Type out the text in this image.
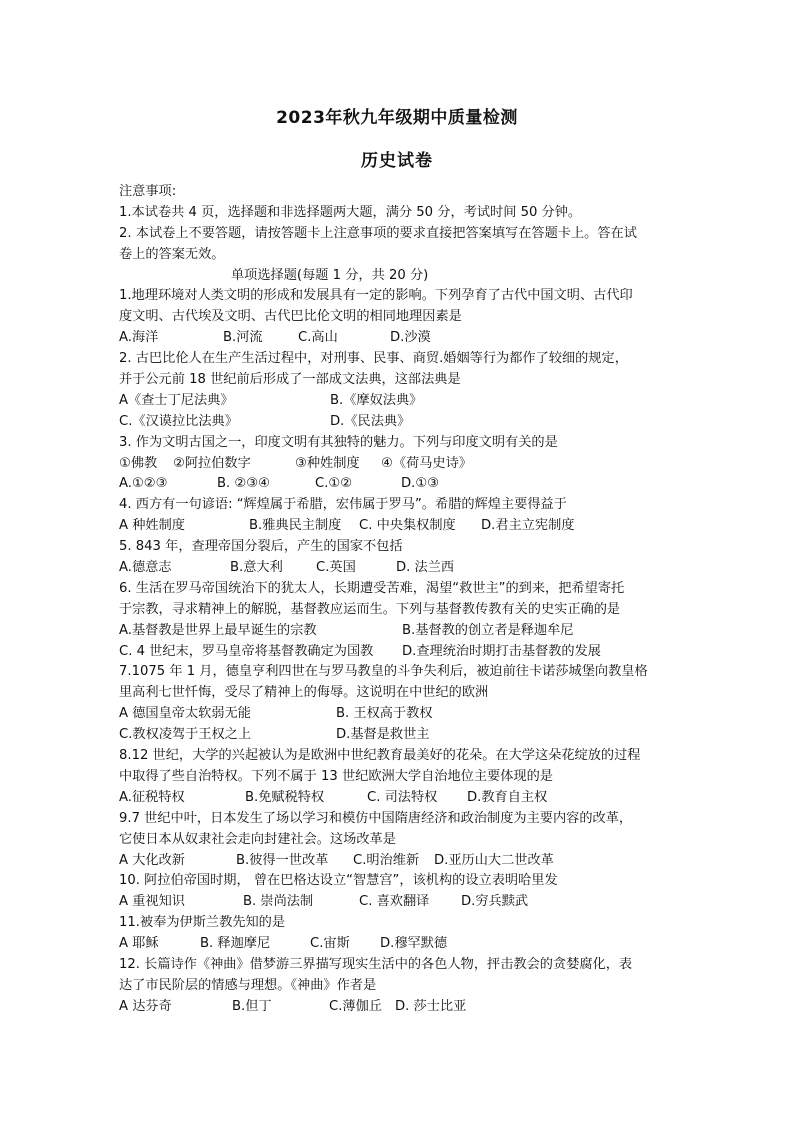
2023年秋九年级期中质量检测
历史试卷
注意事项:
1.本试卷共 4 页，选择题和非选择题两大题，满分 50 分，考试时间 50 分钟。
2. 本试卷上不要答题，请按答题卡上注意事项的要求直接把答案填写在答题卡上。答在试
卷上的答案无效。
单项选择题(每题 1 分，共 20 分)
1.地理环境对人类文明的形成和发展具有一定的影响。下列孕育了古代中国文明、古代印
度文明、古代埃及文明、古代巴比伦文明的相同地理因素是
A.海洋	B.河流	C.高山	D.沙漠
2. 古巴比伦人在生产生活过程中，对刑事、民事、商贸.婚姻等行为都作了较细的规定，
并于公元前 18 世纪前后形成了一部成文法典，这部法典是
A《查士丁尼法典》	B.《摩奴法典》
C.《汉谟拉比法典》	D.《民法典》
3. 作为文明古国之一，印度文明有其独特的魅力。下列与印度文明有关的是
①佛教	②阿拉伯数字	③种姓制度	④《荷马史诗》
A.①②③	B. ②③④	C.①②	D.①③
4. 西方有一句谚语: “辉煌属于希腊，宏伟属于罗马”。希腊的辉煌主要得益于
A 种姓制度	B.雅典民主制度	C. 中央集权制度	D.君主立宪制度
5. 843 年，查理帝国分裂后，产生的国家不包括
A.德意志	B.意大利	C.英国	D. 法兰西
6. 生活在罗马帝国统治下的犹太人，长期遭受苦难，渴望“救世主”的到来，把希望寄托
于宗教，寻求精神上的解脱，基督教应运而生。下列与基督教传教有关的史实正确的是
A.基督教是世界上最早诞生的宗教	B.基督教的创立者是释迦牟尼
C. 4 世纪末，罗马皇帝将基督教确定为国教	D.查理统治时期打击基督教的发展
7.1075 年 1 月，德皇亨利四世在与罗马教皇的斗争失利后，被迫前往卡诺莎城堡向教皇格
里高利七世忏悔，受尽了精神上的侮辱。这说明在中世纪的欧洲
A 德国皇帝太软弱无能	B. 王权高于教权
C.教权凌驾于王权之上	D.基督是救世主
8.12 世纪，大学的兴起被认为是欧洲中世纪教育最美好的花朵。在大学这朵花绽放的过程
中取得了些自治特权。下列不属于 13 世纪欧洲大学自治地位主要体现的是
A.征税特权	B.免赋税特权	C. 司法特权	D.教育自主权
9.7 世纪中叶，日本发生了场以学习和模仿中国隋唐经济和政治制度为主要内容的改革，
它使日本从奴隶社会走向封建社会。这场改革是
A 大化改新	B.彼得一世改革	C.明治维新	D.亚历山大二世改革
10. 阿拉伯帝国时期， 曾在巴格达设立“智慧宫”，该机构的设立表明哈里发
A 重视知识	B. 崇尚法制	C. 喜欢翻译	D.穷兵黩武
11.被奉为伊斯兰教先知的是
A 耶稣	B. 释迦摩尼	C.宙斯	D.穆罕默德
12. 长篇诗作《神曲》借梦游三界描写现实生活中的各色人物，抨击教会的贪婪腐化，表
达了市民阶层的情感与理想。《神曲》作者是
A 达芬奇	B.但丁	C.薄伽丘 D. 莎士比亚
